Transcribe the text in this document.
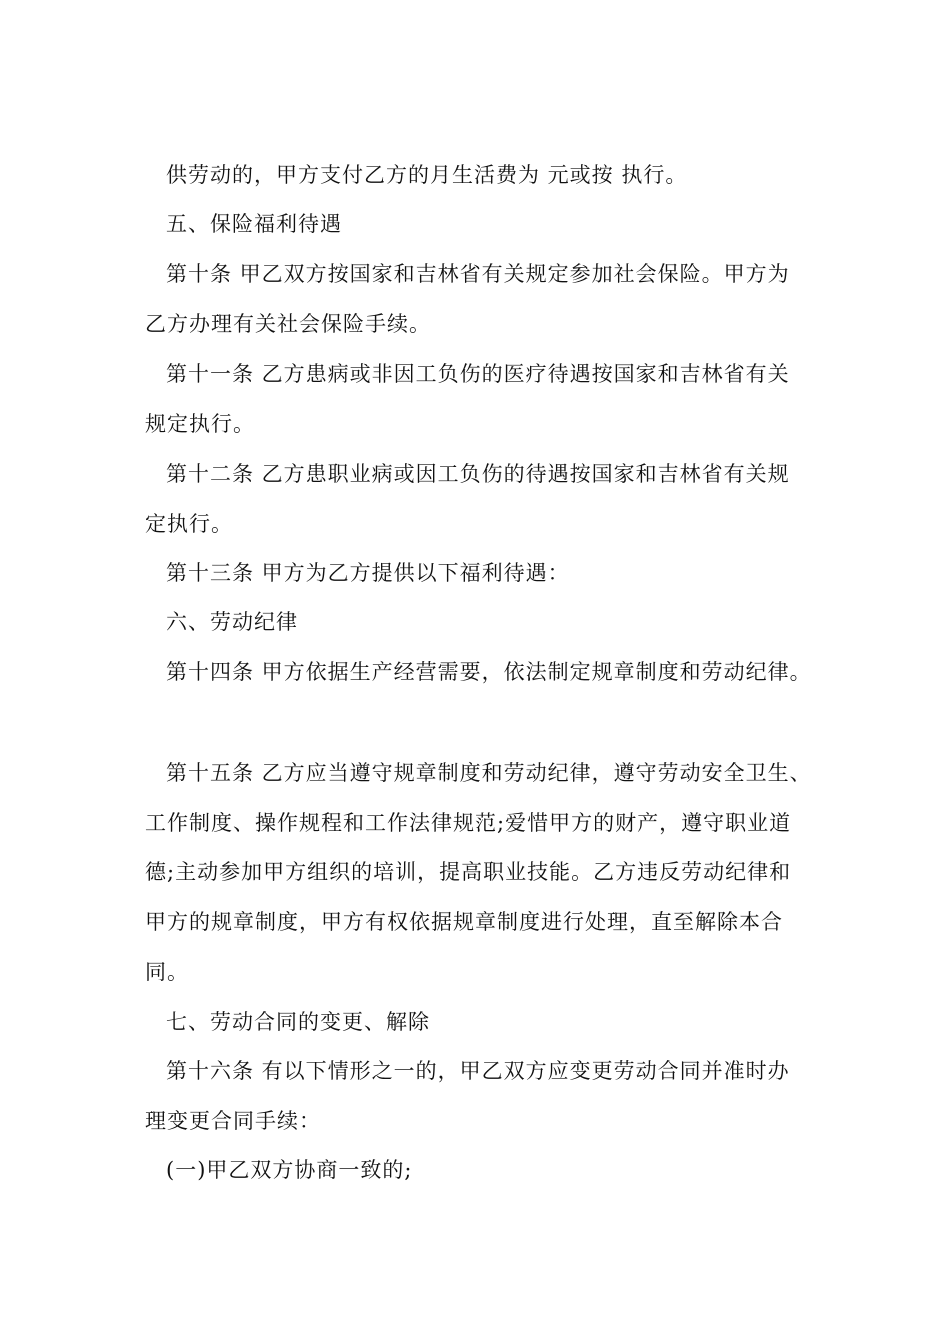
供劳动的，甲方支付乙方的月生活费为 元或按 执行。
五、保险福利待遇
第十条 甲乙双方按国家和吉林省有关规定参加社会保险。甲方为
乙方办理有关社会保险手续。
第十一条 乙方患病或非因工负伤的医疗待遇按国家和吉林省有关
规定执行。
第十二条 乙方患职业病或因工负伤的待遇按国家和吉林省有关规
定执行。
第十三条 甲方为乙方提供以下福利待遇：
六、劳动纪律
第十四条 甲方依据生产经营需要，依法制定规章制度和劳动纪律。
第十五条 乙方应当遵守规章制度和劳动纪律，遵守劳动安全卫生、
工作制度、操作规程和工作法律规范;爱惜甲方的财产，遵守职业道
德;主动参加甲方组织的培训，提高职业技能。乙方违反劳动纪律和
甲方的规章制度，甲方有权依据规章制度进行处理，直至解除本合
同。
七、劳动合同的变更、解除
第十六条 有以下情形之一的，甲乙双方应变更劳动合同并准时办
理变更合同手续：
(一)甲乙双方协商一致的;
